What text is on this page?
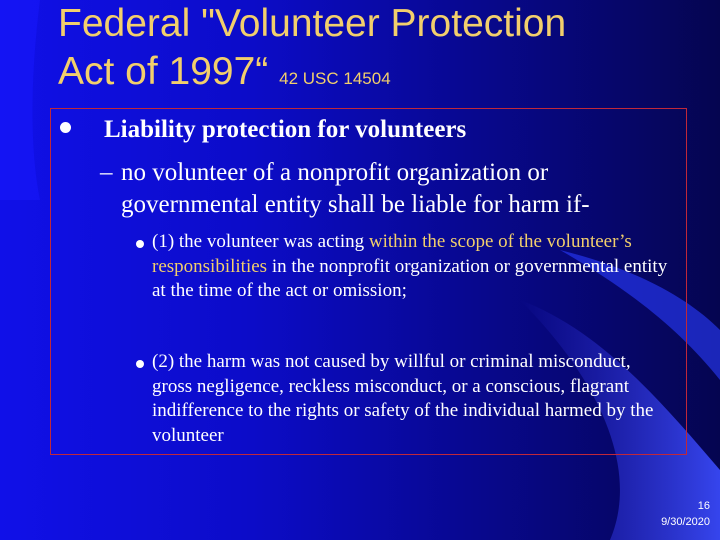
Federal "Volunteer Protection
Act of 1997“ 42 USC 14504
Liability protection for volunteers
– no volunteer of a nonprofit organization or governmental entity shall be liable for harm if-
(1) the volunteer was acting within the scope of the volunteer’s responsibilities in the nonprofit organization or governmental entity at the time of the act or omission;
(2) the harm was not caused by willful or criminal misconduct, gross negligence, reckless misconduct, or a conscious, flagrant indifference to the rights or safety of the individual harmed by the volunteer
16
9/30/2020
